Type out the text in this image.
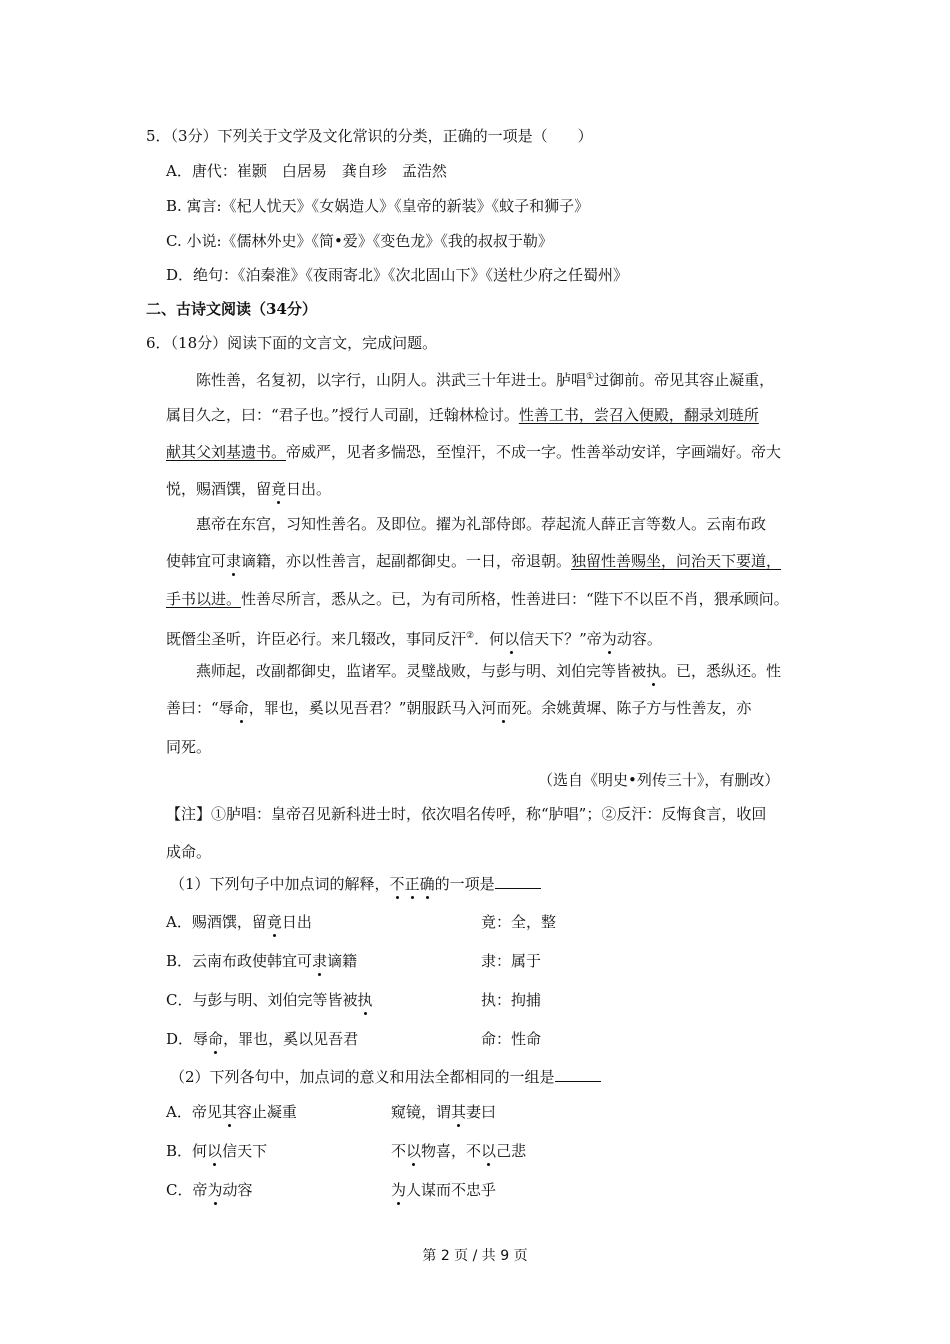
5．（3分）下列关于文学及文化常识的分类，正确的一项是（　　）
A．唐代：崔颢　白居易　龚自珍　孟浩然
B. 寓言:《杞人忧天》《女娲造人》《皇帝的新装》《蚊子和狮子》
C. 小说:《儒林外史》《简•爱》《变色龙》《我的叔叔于勒》
D．绝句：《泊秦淮》《夜雨寄北》《次北固山下》《送杜少府之任蜀州》
二、古诗文阅读（34分）
6．（18分）阅读下面的文言文，完成问题。
陈性善，名复初，以字行，山阴人。洪武三十年进士。胪唱①过御前。帝见其容止凝重，
属目久之，曰：“君子也。”授行人司副，迁翰林检讨。性善工书，尝召入便殿，翻录刘琏所
献其父刘基遗书。帝威严，见者多惴恐，至惶汗，不成一字。性善举动安详，字画端好。帝大
悦，赐酒馔，留竟日出。
惠帝在东宫，习知性善名。及即位。擢为礼部侍郎。荐起流人薛正言等数人。云南布政
使韩宜可隶谪籍，亦以性善言，起副都御史。一日，帝退朝。独留性善赐坐，问治天下要道，
手书以进。性善尽所言，悉从之。已，为有司所格，性善进曰：“陛下不以臣不肖，猥承顾问。
既僭尘圣听，许臣必行。来几辍改，事同反汗②．何以信天下？”帝为动容。
燕师起，改副都御史，监诸军。灵璧战败，与彭与明、刘伯完等皆被执。已，悉纵还。性
善曰：“辱命，罪也，奚以见吾君？”朝服跃马入河而死。余姚黄墀、陈子方与性善友，亦
同死。
（选自《明史•列传三十》，有删改）
【注】①胪唱：皇帝召见新科进士时，依次唱名传呼，称“胪唱”；②反汗：反悔食言，收回
成命。
（1）下列句子中加点词的解释，不正确的一项是
A．赐酒馔，留竟日出	竟：全，整
B．云南布政使韩宜可隶谪籍	隶：属于
C．与彭与明、刘伯完等皆被执	执：拘捕
D．辱命，罪也，奚以见吾君	命：性命
（2）下列各句中，加点词的意义和用法全都相同的一组是
A．帝见其容止凝重	窥镜，谓其妻曰
B．何以信天下	不以物喜，不以己悲
C．帝为动容	为人谋而不忠乎
第 2 页 / 共 9 页
